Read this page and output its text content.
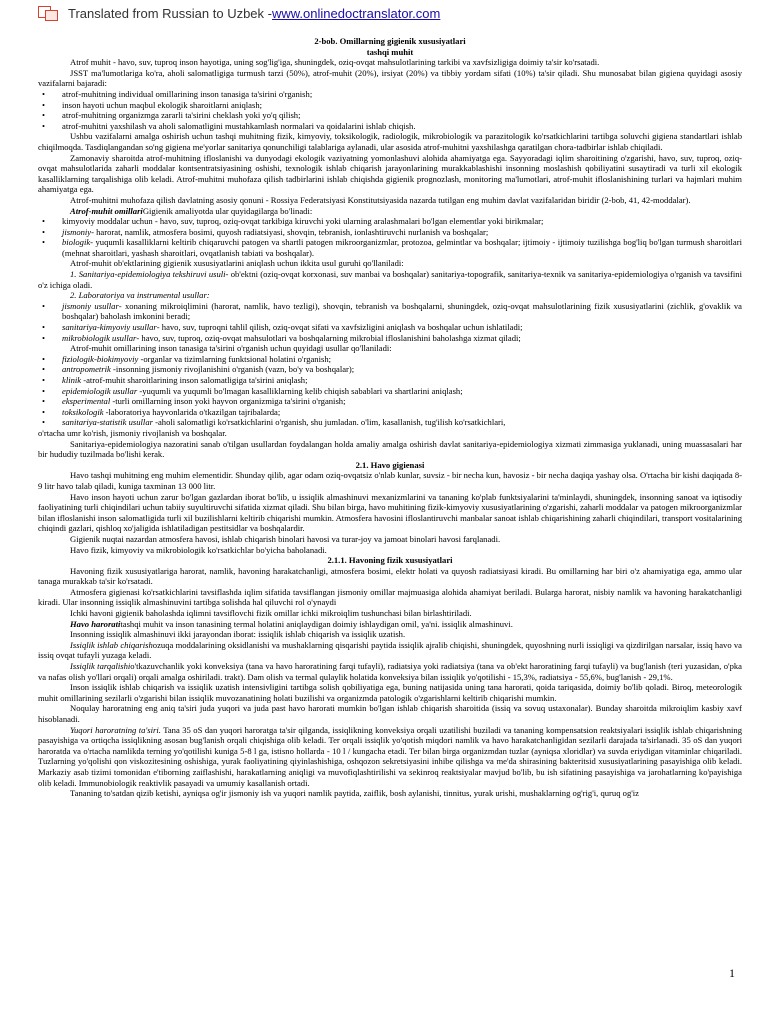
Translated from Russian to Uzbek - www.onlinedoctranslator.com

2-bob. Omillarning gigienik xususiyatlari

tashqi muhit

Atrof muhit - havo, suv, tuproq inson hayotiga, uning sog'lig'iga, shuningdek, oziq-ovqat mahsulotlarining tarkibi va xavfsizligiga doimiy ta'sir ko'rsatadi.

JSST ma'lumotlariga ko'ra, aholi salomatligiga turmush tarzi (50%), atrof-muhit (20%), irsiyat (20%) va tibbiy yordam sifati (10%) ta'sir qiladi. Shu munosabat bilan gigiena quyidagi asosiy vazifalarni bajaradi:

• atrof-muhitning individual omillarining inson tanasiga ta'sirini o'rganish;
• inson hayoti uchun maqbul ekologik sharoitlarni aniqlash;
• atrof-muhitning organizmga zararli ta'sirini cheklash yoki yo'q qilish;
• atrof-muhitni yaxshilash va aholi salomatligini mustahkamlash normalari va qoidalarini ishlab chiqish.

Ushbu vazifalarni amalga oshirish uchun tashqi muhitning fizik, kimyoviy, toksikologik, radiologik, mikrobiologik va parazitologik ko'rsatkichlarini tartibga soluvchi gigiena standartlari ishlab chiqilmoqda. Tasdiqlangandan so'ng gigiena me'yorlar sanitariya qonunchiligi talablariga aylanadi, ular asosida atrof-muhitni yaxshilashga qaratilgan chora-tadbirlar ishlab chiqiladi.

Zamonaviy sharoitda atrof-muhitning ifloslanishi va dunyodagi ekologik vaziyatning yomonlashuvi alohida ahamiyatga ega. Sayyoradagi iqlim sharoitining o'zgarishi, havo, suv, tuproq, oziq-ovqat mahsulotlarida zaharli moddalar kontsentratsiyasining oshishi, texnologik ishlab chiqarish jarayonlarining murakkablashishi insonning moslashish qobiliyatini susaytiradi va turli xil ekologik kasalliklarning tarqalishiga olib keladi. Atrof-muhitni muhofaza qilish tadbirlarini ishlab chiqishda gigienik prognozlash, monitoring ma'lumotlari, atrof-muhit ifloslanishining turlari va hajmlari muhim ahamiyatga ega.

Atrof-muhitni muhofaza qilish davlatning asosiy qonuni - Rossiya Federatsiyasi Konstitutsiyasida nazarda tutilgan eng muhim davlat vazifalaridan biridir (2-bob, 41, 42-moddalar).

Atrof-muhit omillariGigienik amaliyotda ular quyidagilarga bo'linadi:

• kimyoviy moddalar uchun - havo, suv, tuproq, oziq-ovqat tarkibiga kiruvchi yoki ularning aralashmalari bo'lgan elementlar yoki birikmalar;
• jismoniy- harorat, namlik, atmosfera bosimi, quyosh radiatsiyasi, shovqin, tebranish, ionlashtiruvchi nurlanish va boshqalar;
• biologik- yuqumli kasalliklarni keltirib chiqaruvchi patogen va shartli patogen mikroorganizmlar, protozoa, gelmintlar va boshqalar; ijtimoiy - ijtimoiy tuzilishga bog'liq bo'lgan turmush sharoitlari (mehnat sharoitlari, yashash sharoitlari, ovqatlanish tabiati va boshqalar).

Atrof-muhit ob'ektlarining gigienik xususiyatlarini aniqlash uchun ikkita usul guruhi qo'llaniladi:

1. Sanitariya-epidemiologiya tekshiruvi usuli- ob'ektni (oziq-ovqat korxonasi, suv manbai va boshqalar) sanitariya-topografik, sanitariya-texnik va sanitariya-epidemiologiya o'rganish va tavsifini o'z ichiga oladi.

2. Laboratoriya va instrumental usullar:

• jismoniy usullar- xonaning mikroiqlimini (harorat, namlik, havo tezligi), shovqin, tebranish va boshqalarni, shuningdek, oziq-ovqat mahsulotlarining fizik xususiyatlarini (zichlik, g'ovaklik va boshqalar) baholash imkonini beradi;
• sanitariya-kimyoviy usullar- havo, suv, tuproqni tahlil qilish, oziq-ovqat sifati va xavfsizligini aniqlash va boshqalar uchun ishlatiladi;
• mikrobiologik usullar- havo, suv, tuproq, oziq-ovqat mahsulotlari va boshqalarning mikrobial ifloslanishini baholashga xizmat qiladi;

Atrof-muhit omillarining inson tanasiga ta'sirini o'rganish uchun quyidagi usullar qo'llaniladi:

• fiziologik-biokimyoviy -organlar va tizimlarning funktsional holatini o'rganish;
• antropometrik -insonning jismoniy rivojlanishini o'rganish (vazn, bo'y va boshqalar);
• klinik -atrof-muhit sharoitlarining inson salomatligiga ta'sirini aniqlash;
• epidemiologik usullar -yuqumli va yuqumli bo'lmagan kasalliklarning kelib chiqish sabablari va shartlarini aniqlash;
• eksperimental -turli omillarning inson yoki hayvon organizmiga ta'sirini o'rganish;
• toksikologik -laboratoriya hayvonlarida o'tkazilgan tajribalarda;
• sanitariya-statistik usullar -aholi salomatligi ko'rsatkichlarini o'rganish, shu jumladan. o'lim, kasallanish, tug'ilish ko'rsatkichlari,

o'rtacha umr ko'rish, jismoniy rivojlanish va boshqalar.

Sanitariya-epidemiologiya nazoratini sanab o'tilgan usullardan foydalangan holda amaliy amalga oshirish davlat sanitariya-epidemiologiya xizmati zimmasiga yuklanadi, uning muassasalari har bir hududiy tuzilmada bo'lishi kerak.

2.1. Havo gigienasi

Havo tashqi muhitning eng muhim elementidir. Shunday qilib, agar odam oziq-ovqatsiz o'nlab kunlar, suvsiz - bir necha kun, havosiz - bir necha daqiqa yashay olsa. O'rtacha bir kishi daqiqada 8-9 litr havo talab qiladi, kuniga taxminan 13 000 litr.

Havo inson hayoti uchun zarur bo'lgan gazlardan iborat bo'lib, u issiqlik almashinuvi mexanizmlarini va tananing ko'plab funktsiyalarini ta'minlaydi, shuningdek, insonning sanoat va iqtisodiy faoliyatining turli chiqindilari uchun tabiiy suyultiruvchi sifatida xizmat qiladi. Shu bilan birga, havo muhitining fizik-kimyoviy xususiyatlarining o'zgarishi, zaharli moddalar va patogen mikroorganizmlar bilan ifloslanishi inson salomatligida turli xil buzilishlarni keltirib chiqarishi mumkin. Atmosfera havosini ifloslantiruvchi manbalar sanoat ishlab chiqarishining zaharli chiqindilari, transport vositalarining chiqindi gazlari, qishloq xo'jaligida ishlatiladigan pestitsidlar va boshqalardir.

Gigienik nuqtai nazardan atmosfera havosi, ishlab chiqarish binolari havosi va turar-joy va jamoat binolari havosi farqlanadi.

Havo fizik, kimyoviy va mikrobiologik ko'rsatkichlar bo'yicha baholanadi.

2.1.1. Havoning fizik xususiyatlari

Havoning fizik xususiyatlariga harorat, namlik, havoning harakatchanligi, atmosfera bosimi, elektr holati va quyosh radiatsiyasi kiradi. Bu omillarning har biri o'z ahamiyatiga ega, ammo ular tanaga murakkab ta'sir ko'rsatadi.

Atmosfera gigienasi ko'rsatkichlarini tavsiflashda iqlim sifatida tavsiflangan jismoniy omillar majmuasiga alohida ahamiyat beriladi. Bularga harorat, nisbiy namlik va havoning harakatchanligi kiradi. Ular insonning issiqlik almashinuvini tartibga solishda hal qiluvchi rol o'ynaydi

Ichki havoni gigienik baholashda iqlimni tavsiflovchi fizik omillar ichki mikroiqlim tushunchasi bilan birlashtiriladi.

Havo haroratitashqi muhit va inson tanasining termal holatini aniqlaydigan doimiy ishlaydigan omil, ya'ni. issiqlik almashinuvi.

Insonning issiqlik almashinuvi ikki jarayondan iborat: issiqlik ishlab chiqarish va issiqlik uzatish.

Issiqlik ishlab chiqarishozuqa moddalarining oksidlanishi va mushaklarning qisqarishi paytida issiqlik ajralib chiqishi, shuningdek, quyoshning nurli issiqligi va qizdirilgan narsalar, issiq havo va issiq ovqat tufayli yuzaga keladi.

Issiqlik tarqalishio'tkazuvchanlik yoki konveksiya (tana va havo haroratining farqi tufayli), radiatsiya yoki radiatsiya (tana va ob'ekt haroratining farqi tufayli) va bug'lanish (teri yuzasidan, o'pka va nafas olish yo'llari orqali) orqali amalga oshiriladi. trakt). Dam olish va termal qulaylik holatida konveksiya bilan issiqlik yo'qotilishi - 15,3%, radiatsiya - 55,6%, bug'lanish - 29,1%.

Inson issiqlik ishlab chiqarish va issiqlik uzatish intensivligini tartibga solish qobiliyatiga ega, buning natijasida uning tana harorati, qoida tariqasida, doimiy bo'lib qoladi. Biroq, meteorologik muhit omillarining sezilarli o'zgarishi bilan issiqlik muvozanatining holati buzilishi va organizmda patologik o'zgarishlarni keltirib chiqarishi mumkin.

Noqulay haroratning eng aniq ta'siri juda yuqori va juda past havo harorati mumkin bo'lgan ishlab chiqarish sharoitida (issiq va sovuq ustaxonalar). Bunday sharoitda mikroiqlim kasbiy xavf hisoblanadi.

Yuqori haroratning ta'siri. Tana 35 oS dan yuqori haroratga ta'sir qilganda, issiqlikning konveksiya orqali uzatilishi buziladi va tananing kompensatsion reaktsiyalari issiqlik ishlab chiqarishning pasayishiga va ortiqcha issiqlikning asosan bug'lanish orqali chiqishiga olib keladi. Ter orqali issiqlik yo'qotish miqdori namlik va havo harakatchanligidan sezilarli darajada ta'sirlanadi. 35 oS dan yuqori haroratda va o'rtacha namlikda terning yo'qotilishi kuniga 5-8 l ga, istisno hollarda - 10 l / kungacha etadi. Ter bilan birga organizmdan tuzlar (ayniqsa xloridlar) va suvda eriydigan vitaminlar chiqariladi. Tuzlarning yo'qolishi qon viskozitesining oshishiga, yurak faoliyatining qiyinlashishiga, oshqozon sekretsiyasini inhibe qilishga va me'da shirasining bakteritsid xususiyatlarining pasayishiga olib keladi. Markaziy asab tizimi tomonidan e'tiborning zaiflashishi, harakatlarning aniqligi va muvofiqlashtirilishi va sekinroq reaktsiyalar mavjud bo'lib, bu ish sifatining pasayishiga va jarohatlarning ko'payishiga olib keladi. Immunobiologik reaktivlik pasayadi va umumiy kasallanish ortadi.

Tananing to'satdan qizib ketishi, ayniqsa og'ir jismoniy ish va yuqori namlik paytida, zaiflik, bosh aylanishi, tinnitus, yurak urishi, mushaklarning og'rig'i, quruq og'iz

1
